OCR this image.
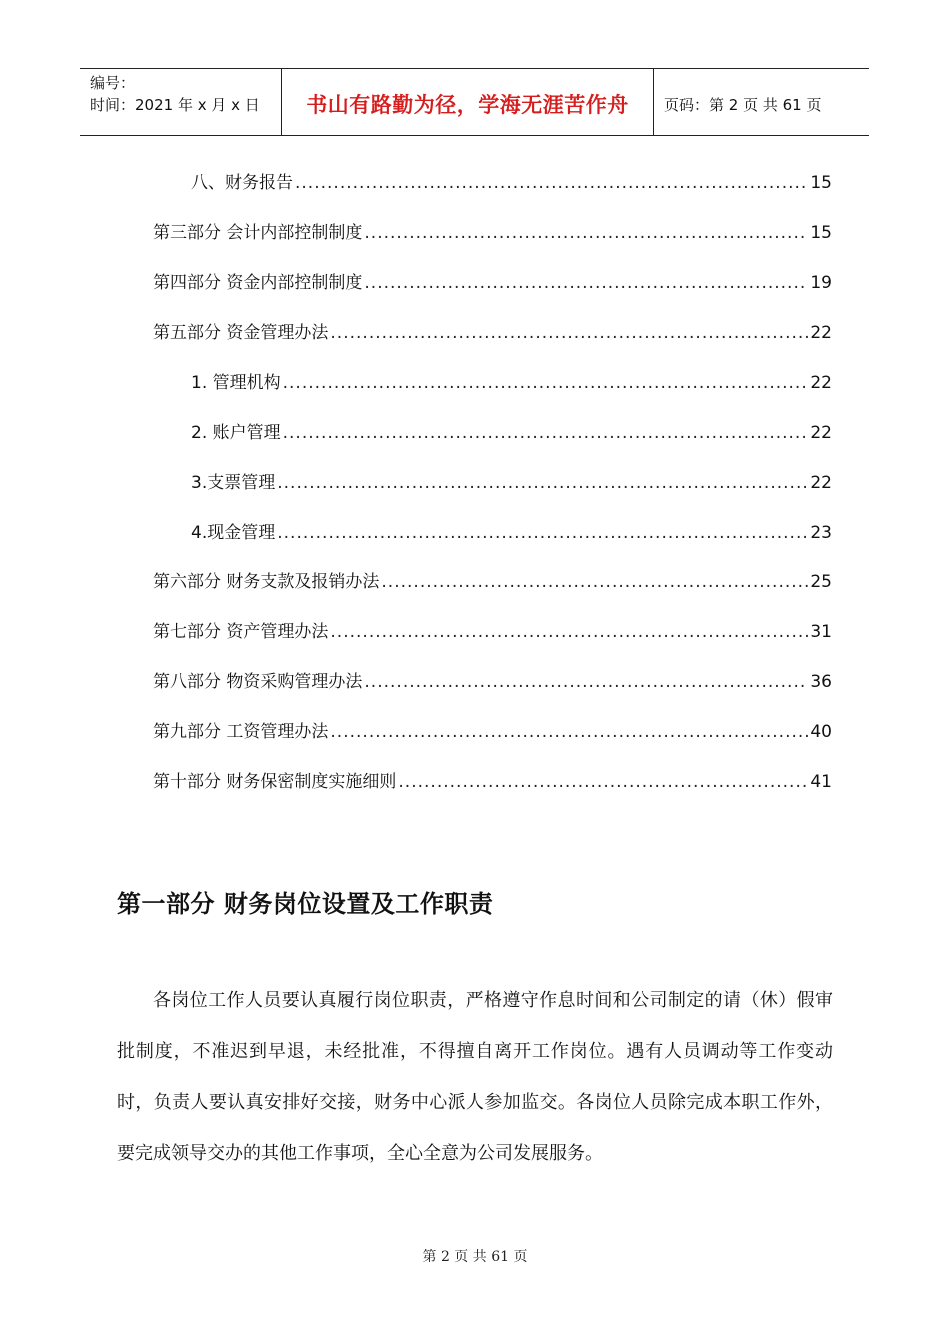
编号：
时间：2021 年 x 月 x 日	书山有路勤为径，学海无涯苦作舟	页码：第 2 页 共 61 页
八、财务报告 .....	15
第三部分 会计内部控制制度 .....	15
第四部分 资金内部控制制度 .....	19
第五部分 资金管理办法 .....	22
1. 管理机构 .....	22
2. 账户管理 .....	22
3.支票管理 .....	22
4.现金管理 .....	23
第六部分 财务支款及报销办法 .....	25
第七部分 资产管理办法 .....	31
第八部分 物资采购管理办法 .....	36
第九部分 工资管理办法 .....	40
第十部分 财务保密制度实施细则 .....	41
第一部分 财务岗位设置及工作职责
各岗位工作人员要认真履行岗位职责，严格遵守作息时间和公司制定的请（休）假审批制度，不准迟到早退，未经批准，不得擅自离开工作岗位。遇有人员调动等工作变动时，负责人要认真安排好交接，财务中心派人参加监交。各岗位人员除完成本职工作外，要完成领导交办的其他工作事项，全心全意为公司发展服务。
第 2 页 共 61 页
